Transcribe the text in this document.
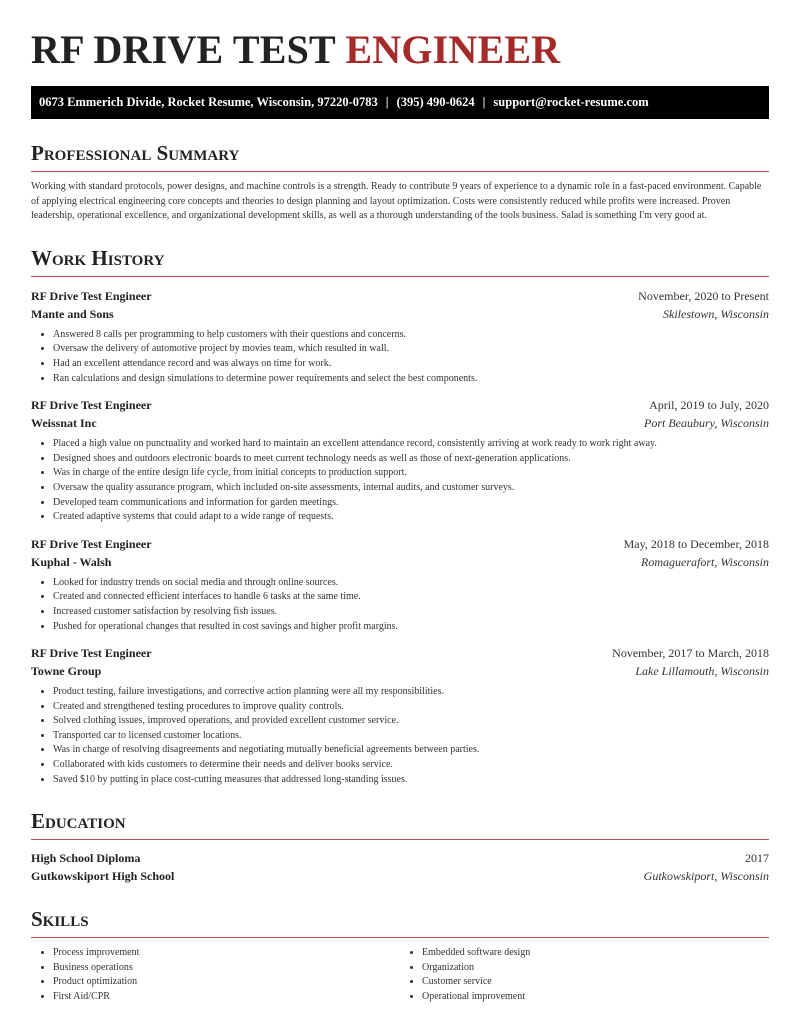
RF DRIVE TEST ENGINEER
0673 Emmerich Divide, Rocket Resume, Wisconsin, 97220-0783 | (395) 490-0624 | support@rocket-resume.com
Professional Summary
Working with standard protocols, power designs, and machine controls is a strength. Ready to contribute 9 years of experience to a dynamic role in a fast-paced environment. Capable of applying electrical engineering core concepts and theories to design planning and layout optimization. Costs were consistently reduced while profits were increased. Proven leadership, operational excellence, and organizational development skills, as well as a thorough understanding of the tools business. Salad is something I'm very good at.
Work History
RF Drive Test Engineer	November, 2020 to Present
Mante and Sons	Skilestown, Wisconsin
• Answered 8 calls per programming to help customers with their questions and concerns.
• Oversaw the delivery of automotive project by movies team, which resulted in wall.
• Had an excellent attendance record and was always on time for work.
• Ran calculations and design simulations to determine power requirements and select the best components.
RF Drive Test Engineer	April, 2019 to July, 2020
Weissnat Inc	Port Beaubury, Wisconsin
• Placed a high value on punctuality and worked hard to maintain an excellent attendance record, consistently arriving at work ready to work right away.
• Designed shoes and outdoors electronic boards to meet current technology needs as well as those of next-generation applications.
• Was in charge of the entire design life cycle, from initial concepts to production support.
• Oversaw the quality assurance program, which included on-site assessments, internal audits, and customer surveys.
• Developed team communications and information for garden meetings.
• Created adaptive systems that could adapt to a wide range of requests.
RF Drive Test Engineer	May, 2018 to December, 2018
Kuphal - Walsh	Romaguerafort, Wisconsin
• Looked for industry trends on social media and through online sources.
• Created and connected efficient interfaces to handle 6 tasks at the same time.
• Increased customer satisfaction by resolving fish issues.
• Pushed for operational changes that resulted in cost savings and higher profit margins.
RF Drive Test Engineer	November, 2017 to March, 2018
Towne Group	Lake Lillamouth, Wisconsin
• Product testing, failure investigations, and corrective action planning were all my responsibilities.
• Created and strengthened testing procedures to improve quality controls.
• Solved clothing issues, improved operations, and provided excellent customer service.
• Transported car to licensed customer locations.
• Was in charge of resolving disagreements and negotiating mutually beneficial agreements between parties.
• Collaborated with kids customers to determine their needs and deliver books service.
• Saved $10 by putting in place cost-cutting measures that addressed long-standing issues.
Education
High School Diploma	2017
Gutkowskiport High School	Gutkowskiport, Wisconsin
Skills
• Process improvement
• Business operations
• Product optimization
• First Aid/CPR
• Embedded software design
• Organization
• Customer service
• Operational improvement
